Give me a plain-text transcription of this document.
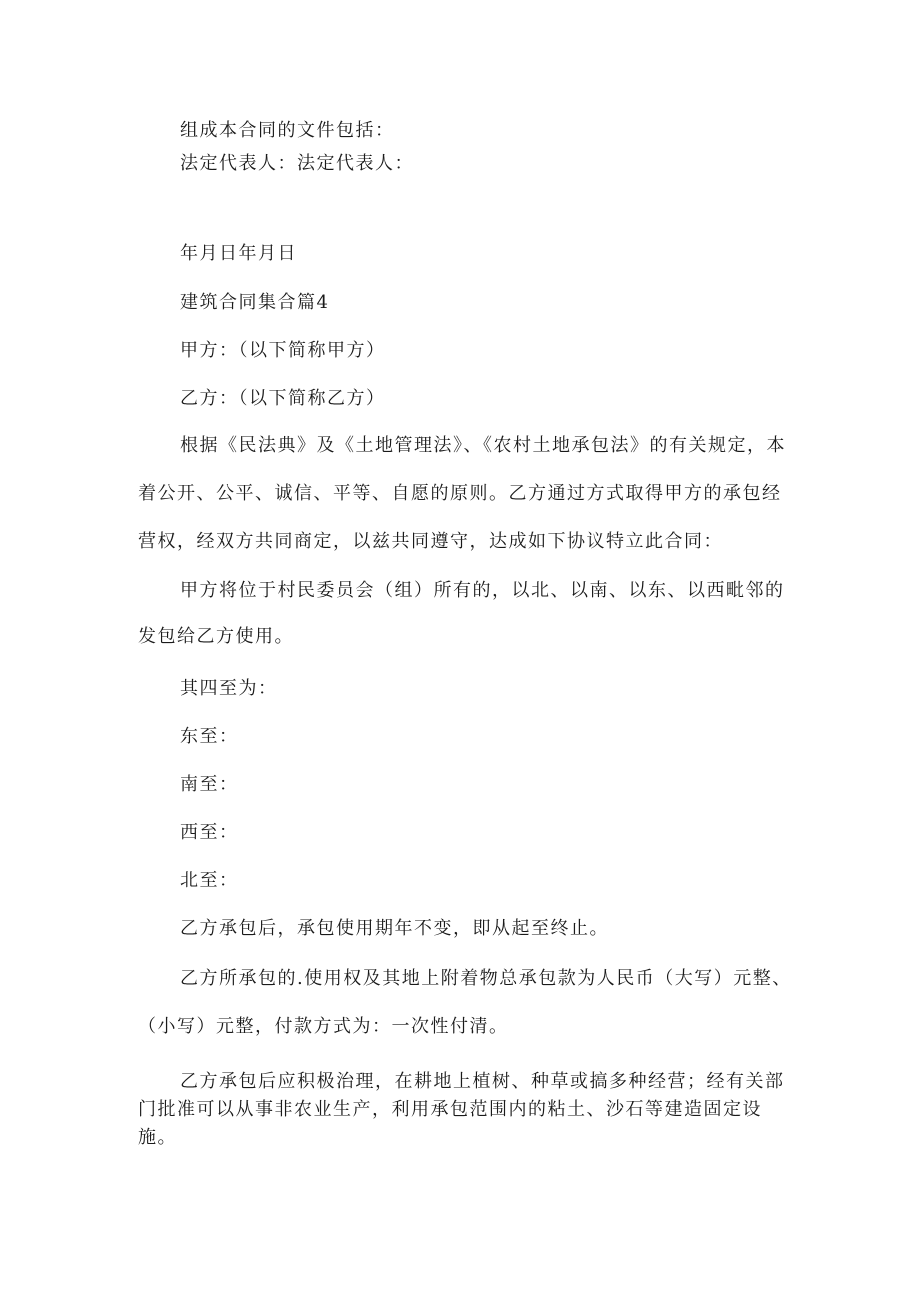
组成本合同的文件包括：
法定代表人：法定代表人：
年月日年月日
建筑合同集合篇4
甲方：（以下简称甲方）
乙方：（以下简称乙方）
根据《民法典》及《土地管理法》、《农村土地承包法》的有关规定，本着公开、公平、诚信、平等、自愿的原则。乙方通过方式取得甲方的承包经营权，经双方共同商定，以兹共同遵守，达成如下协议特立此合同：
甲方将位于村民委员会（组）所有的，以北、以南、以东、以西毗邻的发包给乙方使用。
其四至为：
东至：
南至：
西至：
北至：
乙方承包后，承包使用期年不变，即从起至终止。
乙方所承包的.使用权及其地上附着物总承包款为人民币（大写）元整、（小写）元整，付款方式为：一次性付清。
乙方承包后应积极治理，在耕地上植树、种草或搞多种经营；经有关部门批准可以从事非农业生产，利用承包范围内的粘土、沙石等建造固定设施。
